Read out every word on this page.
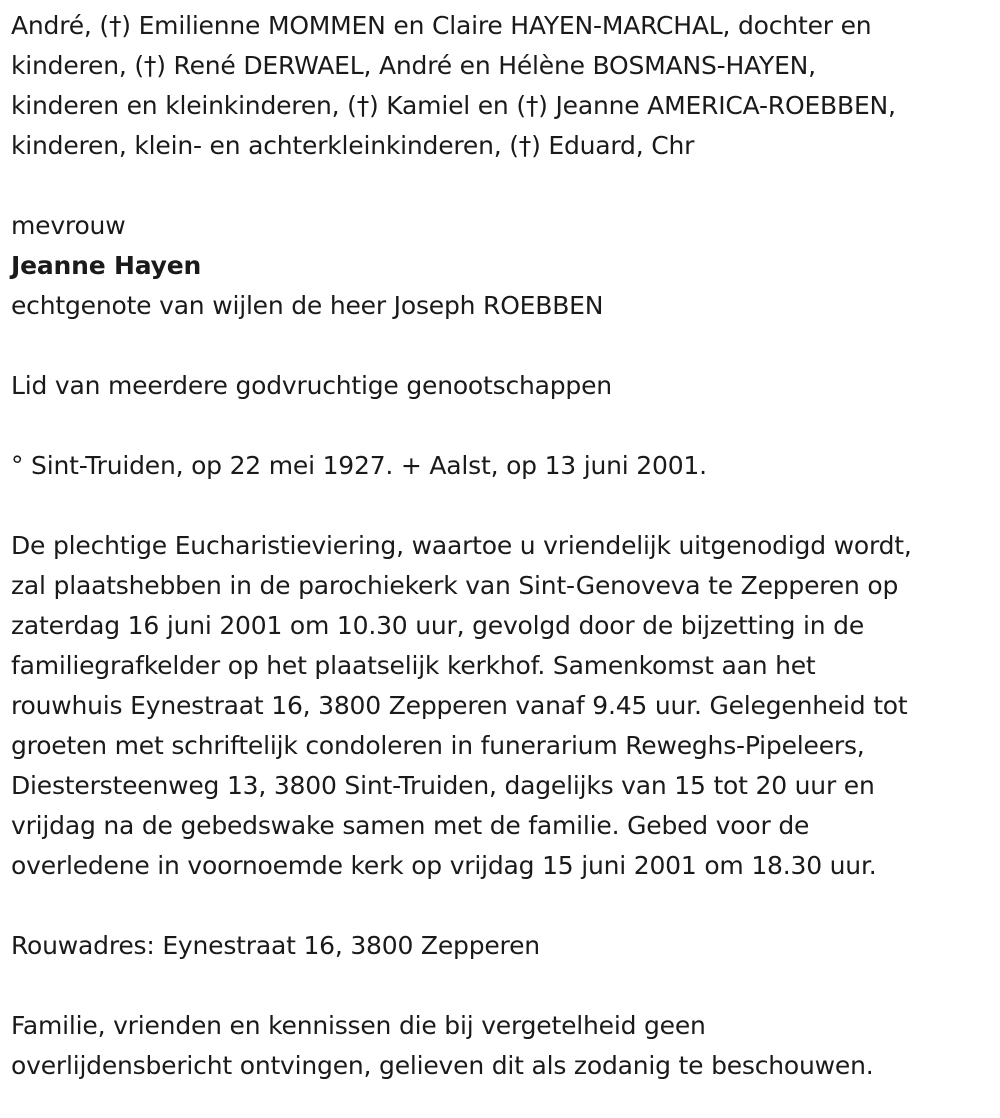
André, (†) Emilienne MOMMEN en Claire HAYEN-MARCHAL, dochter en
kinderen, (†) René DERWAEL, André en Hélène BOSMANS-HAYEN,
kinderen en kleinkinderen, (†) Kamiel en (†) Jeanne AMERICA-ROEBBEN,
kinderen, klein- en achterkleinkinderen, (†) Eduard, Chr
mevrouw
Jeanne Hayen
echtgenote van wijlen de heer Joseph ROEBBEN
Lid van meerdere godvruchtige genootschappen
° Sint-Truiden, op 22 mei 1927. + Aalst, op 13 juni 2001.
De plechtige Eucharistieviering, waartoe u vriendelijk uitgenodigd wordt,
zal plaatshebben in de parochiekerk van Sint-Genoveva te Zepperen op
zaterdag 16 juni 2001 om 10.30 uur, gevolgd door de bijzetting in de
familiegrafkelder op het plaatselijk kerkhof. Samenkomst aan het
rouwhuis Eynestraat 16, 3800 Zepperen vanaf 9.45 uur. Gelegenheid tot
groeten met schriftelijk condoleren in funerarium Reweghs-Pipeleers,
Diestersteenweg 13, 3800 Sint-Truiden, dagelijks van 15 tot 20 uur en
vrijdag na de gebedswake samen met de familie. Gebed voor de
overledene in voornoemde kerk op vrijdag 15 juni 2001 om 18.30 uur.
Rouwadres: Eynestraat 16, 3800 Zepperen
Familie, vrienden en kennissen die bij vergetelheid geen
overlijdensbericht ontvingen, gelieven dit als zodanig te beschouwen.
